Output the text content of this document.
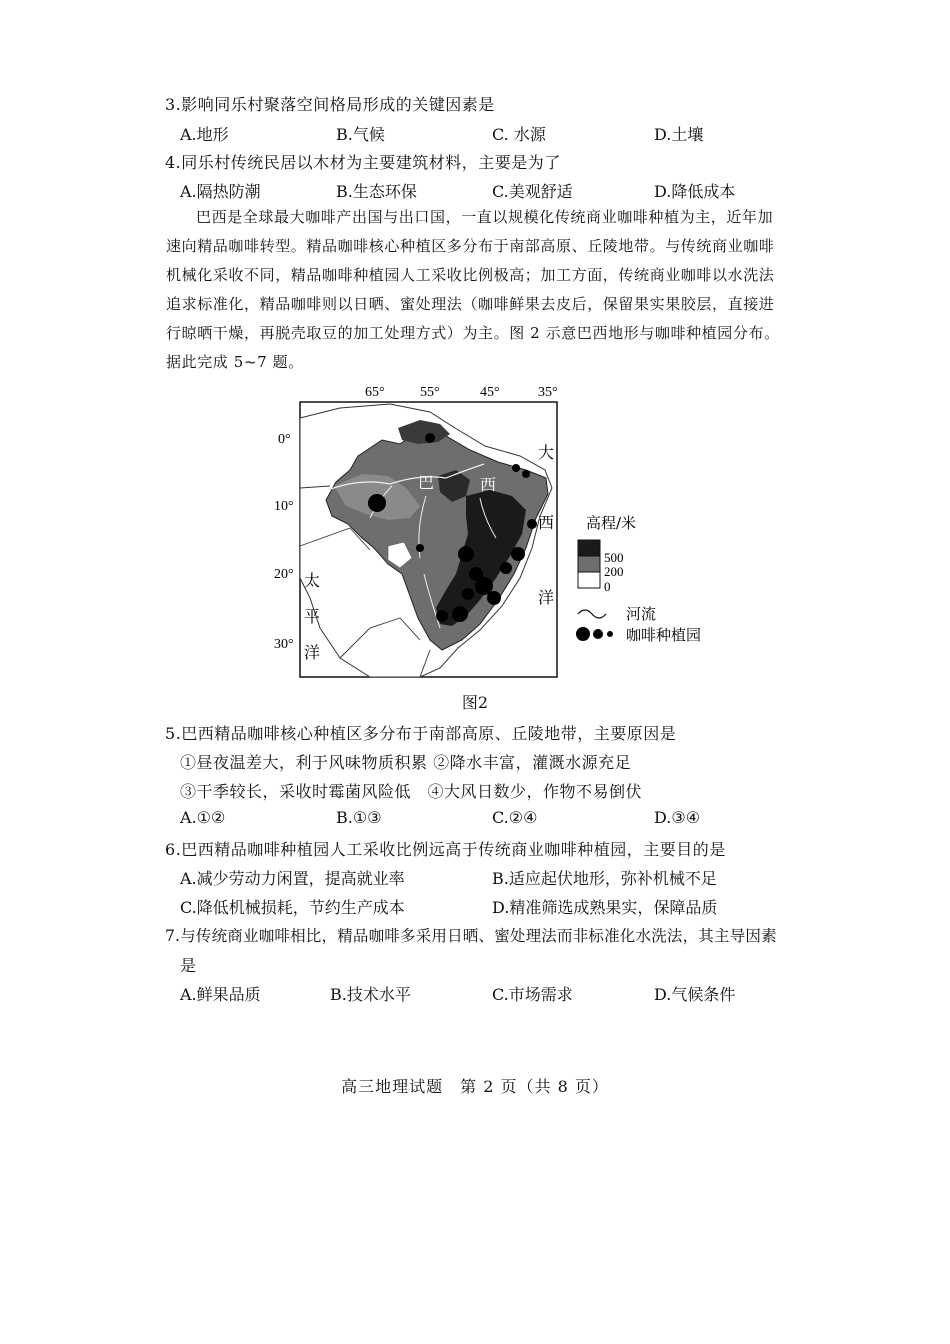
3.影响同乐村聚落空间格局形成的关键因素是
A.地形	B.气候	C. 水源	D.土壤
4.同乐村传统民居以木材为主要建筑材料，主要是为了
A.隔热防潮	B.生态环保	C.美观舒适	D.降低成本

巴西是全球最大咖啡产出国与出口国，一直以规模化传统商业咖啡种植为主，近年加

速向精品咖啡转型。精品咖啡核心种植区多分布于南部高原、丘陵地带。与传统商业咖啡

机械化采收不同，精品咖啡种植园人工采收比例极高；加工方面，传统商业咖啡以水洗法

追求标准化，精品咖啡则以日晒、蜜处理法（咖啡鲜果去皮后，保留果实果胶层，直接进

行晾晒干燥，再脱壳取豆的加工处理方式）为主。图 2 示意巴西地形与咖啡种植园分布。

据此完成 5~7 题。

65°	55°	45°	35°
0°
10°
20°
30°
巴	西
大
西
洋
太
平
洋
高程/米
500
200
0
河流
咖啡种植园
图2
5.巴西精品咖啡核心种植区多分布于南部高原、丘陵地带，主要原因是
①昼夜温差大，利于风味物质积累 ②降水丰富，灌溉水源充足
③干季较长，采收时霉菌风险低　④大风日数少，作物不易倒伏
A.①②	B.①③	C.②④	D.③④
6.巴西精品咖啡种植园人工采收比例远高于传统商业咖啡种植园，主要目的是
A.减少劳动力闲置，提高就业率	B.适应起伏地形，弥补机械不足
C.降低机械损耗，节约生产成本	D.精准筛选成熟果实，保障品质
7.与传统商业咖啡相比，精品咖啡多采用日晒、蜜处理法而非标准化水洗法，其主导因素
是
A.鲜果品质	B.技术水平	C.市场需求	D.气候条件
高三地理试题　第 2 页（共 8 页）
